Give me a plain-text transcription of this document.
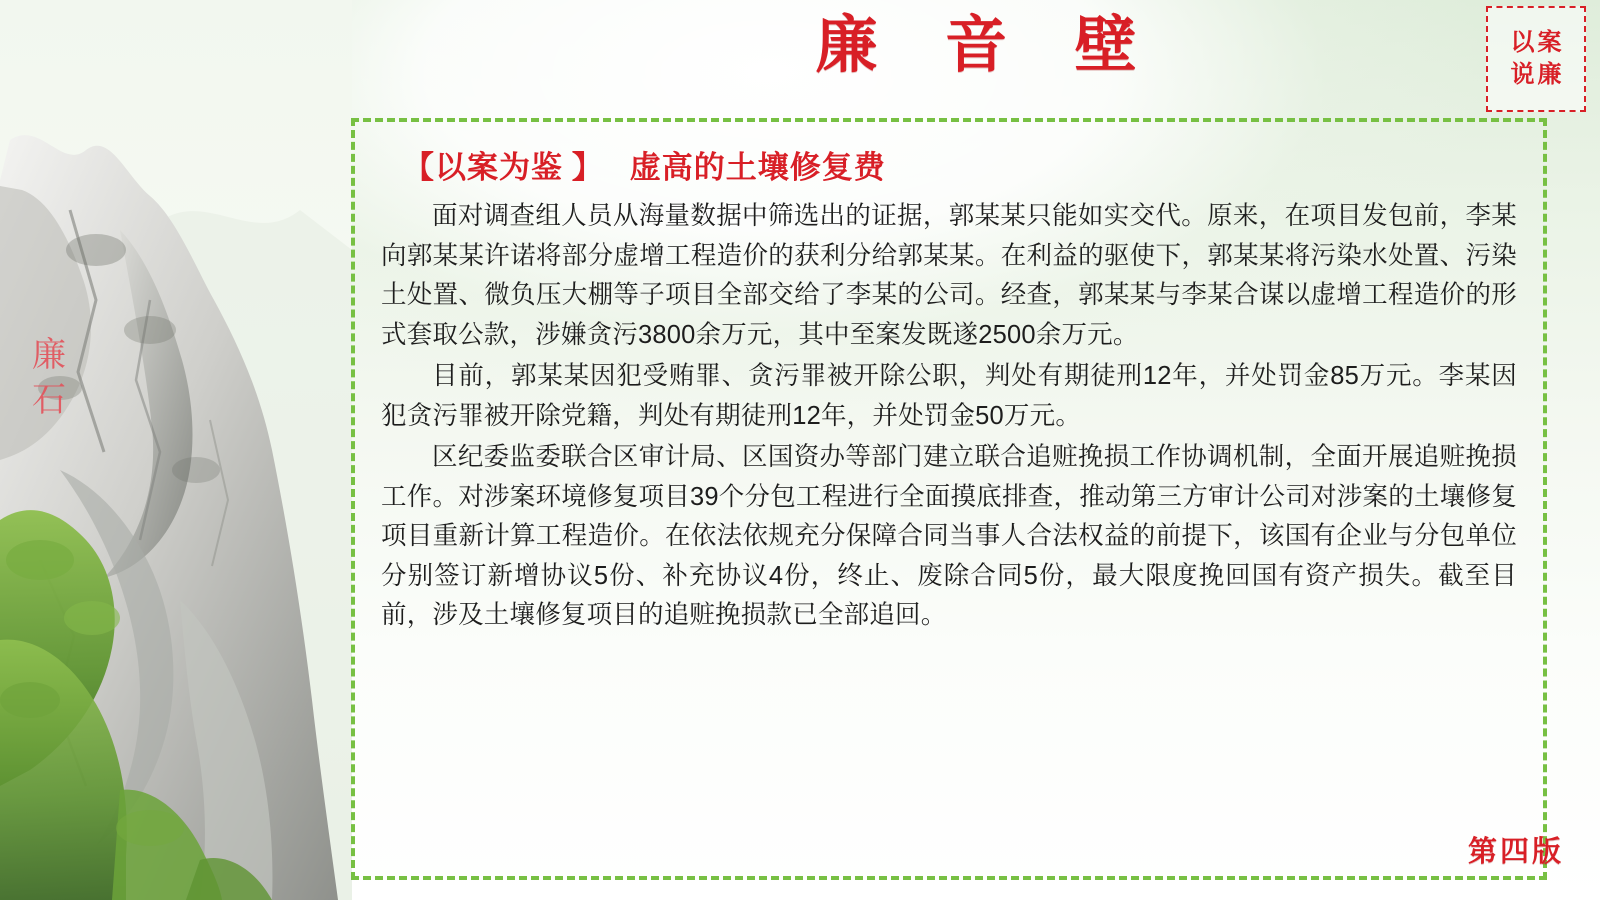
廉石
廉 音 壁	以案
说廉
【以案为鉴 】 虚高的土壤修复费

面对调查组人员从海量数据中筛选出的证据，郭某某只能如实交代。原来，在项目发包前，李某向郭某某许诺将部分虚增工程造价的获利分给郭某某。在利益的驱使下，郭某某将污染水处置、污染土处置、微负压大棚等子项目全部交给了李某的公司。经查，郭某某与李某合谋以虚增工程造价的形式套取公款，涉嫌贪污3800余万元，其中至案发既遂2500余万元。

目前，郭某某因犯受贿罪、贪污罪被开除公职，判处有期徒刑12年，并处罚金85万元。李某因犯贪污罪被开除党籍，判处有期徒刑12年，并处罚金50万元。

区纪委监委联合区审计局、区国资办等部门建立联合追赃挽损工作协调机制，全面开展追赃挽损工作。对涉案环境修复项目39个分包工程进行全面摸底排查，推动第三方审计公司对涉案的土壤修复项目重新计算工程造价。在依法依规充分保障合同当事人合法权益的前提下，该国有企业与分包单位分别签订新增协议5份、补充协议4份，终止、废除合同5份，最大限度挽回国有资产损失。截至目前，涉及土壤修复项目的追赃挽损款已全部追回。

第四版
